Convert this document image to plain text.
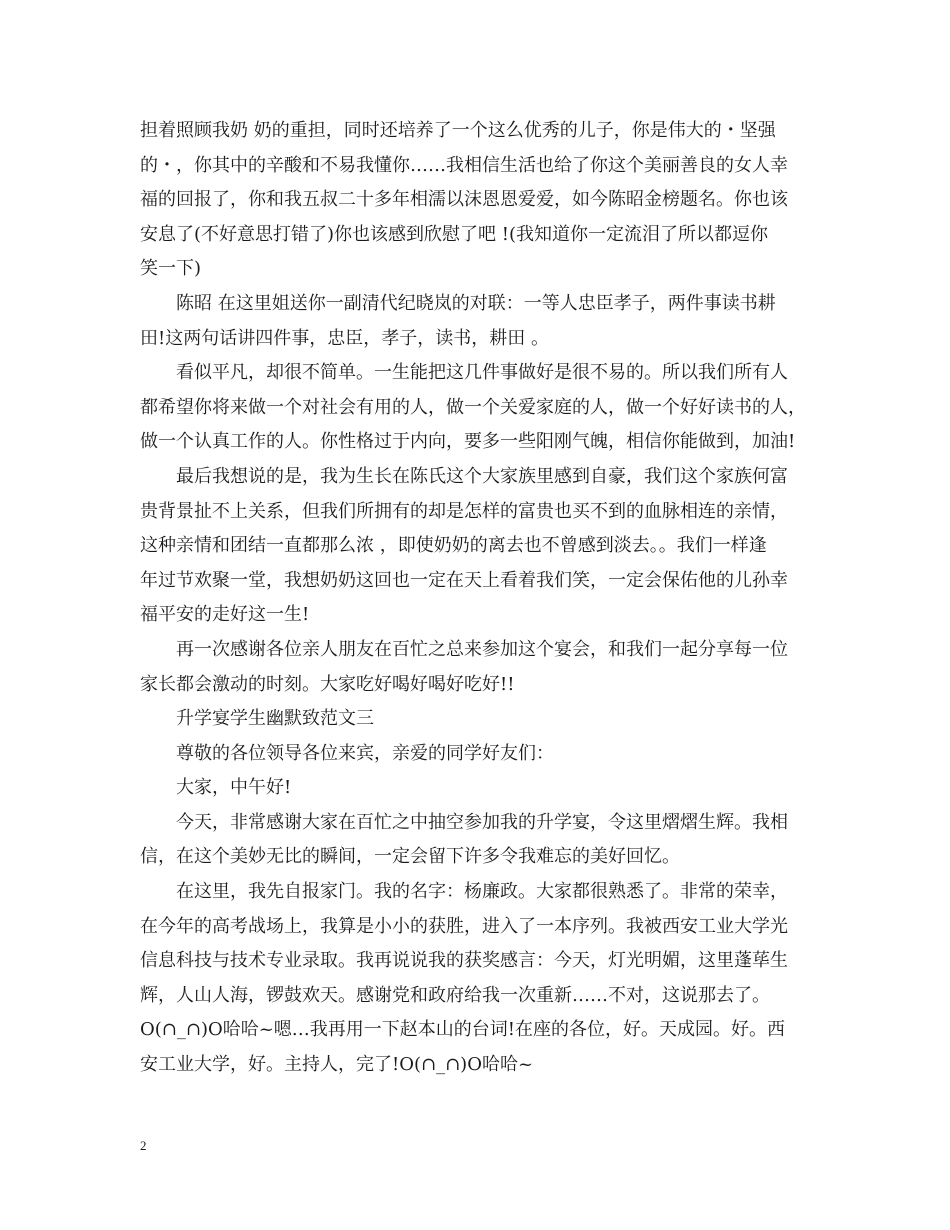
担着照顾我奶 奶的重担，同时还培养了一个这么优秀的儿子，你是伟大的・坚强
的・，你其中的辛酸和不易我懂你……我相信生活也给了你这个美丽善良的女人幸
福的回报了，你和我五叔二十多年相濡以沫恩恩爱爱，如今陈昭金榜题名。你也该
安息了(不好意思打错了)你也该感到欣慰了吧 !(我知道你一定流泪了所以都逗你
笑一下)
陈昭 在这里姐送你一副清代纪晓岚的对联：一等人忠臣孝子，两件事读书耕
田!这两句话讲四件事，忠臣，孝子，读书，耕田 。
看似平凡，却很不简单。一生能把这几件事做好是很不易的。所以我们所有人
都希望你将来做一个对社会有用的人，做一个关爱家庭的人，做一个好好读书的人，
做一个认真工作的人。你性格过于内向，要多一些阳刚气魄，相信你能做到，加油!
最后我想说的是，我为生长在陈氏这个大家族里感到自豪，我们这个家族何富
贵背景扯不上关系，但我们所拥有的却是怎样的富贵也买不到的血脉相连的亲情，
这种亲情和团结一直都那么浓 ，即使奶奶的离去也不曾感到淡去。。我们一样逢
年过节欢聚一堂，我想奶奶这回也一定在天上看着我们笑，一定会保佑他的儿孙幸
福平安的走好这一生!
再一次感谢各位亲人朋友在百忙之总来参加这个宴会，和我们一起分享每一位
家长都会激动的时刻。大家吃好喝好喝好吃好!!
升学宴学生幽默致范文三
尊敬的各位领导各位来宾，亲爱的同学好友们：
大家，中午好!
今天，非常感谢大家在百忙之中抽空参加我的升学宴，令这里熠熠生辉。我相
信，在这个美妙无比的瞬间，一定会留下许多令我难忘的美好回忆。
在这里，我先自报家门。我的名字：杨廉政。大家都很熟悉了。非常的荣幸，
在今年的高考战场上，我算是小小的获胜，进入了一本序列。我被西安工业大学光
信息科技与技术专业录取。我再说说我的获奖感言：今天，灯光明媚，这里蓬荜生
辉，人山人海，锣鼓欢天。感谢党和政府给我一次重新……不对，这说那去了。
O(∩_∩)O哈哈~嗯…我再用一下赵本山的台词!在座的各位，好。天成园。好。西
安工业大学，好。主持人，完了!O(∩_∩)O哈哈~
2
